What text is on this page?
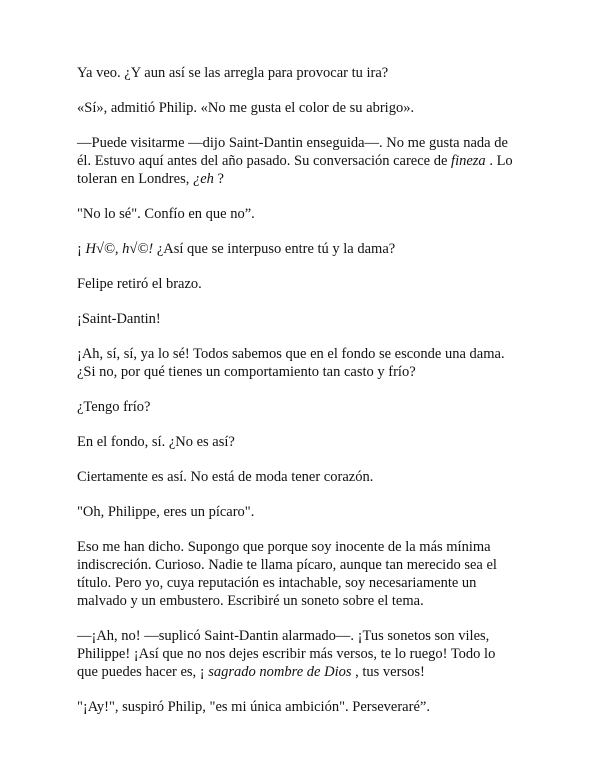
Ya veo. ¿Y aun así se las arregla para provocar tu ira?

«Sí», admitió Philip. «No me gusta el color de su abrigo».

—Puede visitarme —dijo Saint-Dantin enseguida—. No me gusta nada de
él. Estuvo aquí antes del año pasado. Su conversación carece de fineza . Lo
toleran en Londres, ¿eh ?

"No lo sé". Confío en que no”.

¡ H√©, h√©! ¿Así que se interpuso entre tú y la dama?

Felipe retiró el brazo.

¡Saint-Dantin!

¡Ah, sí, sí, ya lo sé! Todos sabemos que en el fondo se esconde una dama.
¿Si no, por qué tienes un comportamiento tan casto y frío?

¿Tengo frío?

En el fondo, sí. ¿No es así?

Ciertamente es así. No está de moda tener corazón.

"Oh, Philippe, eres un pícaro".

Eso me han dicho. Supongo que porque soy inocente de la más mínima
indiscreción. Curioso. Nadie te llama pícaro, aunque tan merecido sea el
título. Pero yo, cuya reputación es intachable, soy necesariamente un
malvado y un embustero. Escribiré un soneto sobre el tema.

—¡Ah, no! —suplicó Saint-Dantin alarmado—. ¡Tus sonetos son viles,
Philippe! ¡Así que no nos dejes escribir más versos, te lo ruego! Todo lo
que puedes hacer es, ¡ sagrado nombre de Dios , tus versos!

"¡Ay!", suspiró Philip, "es mi única ambición". Perseveraré”.
